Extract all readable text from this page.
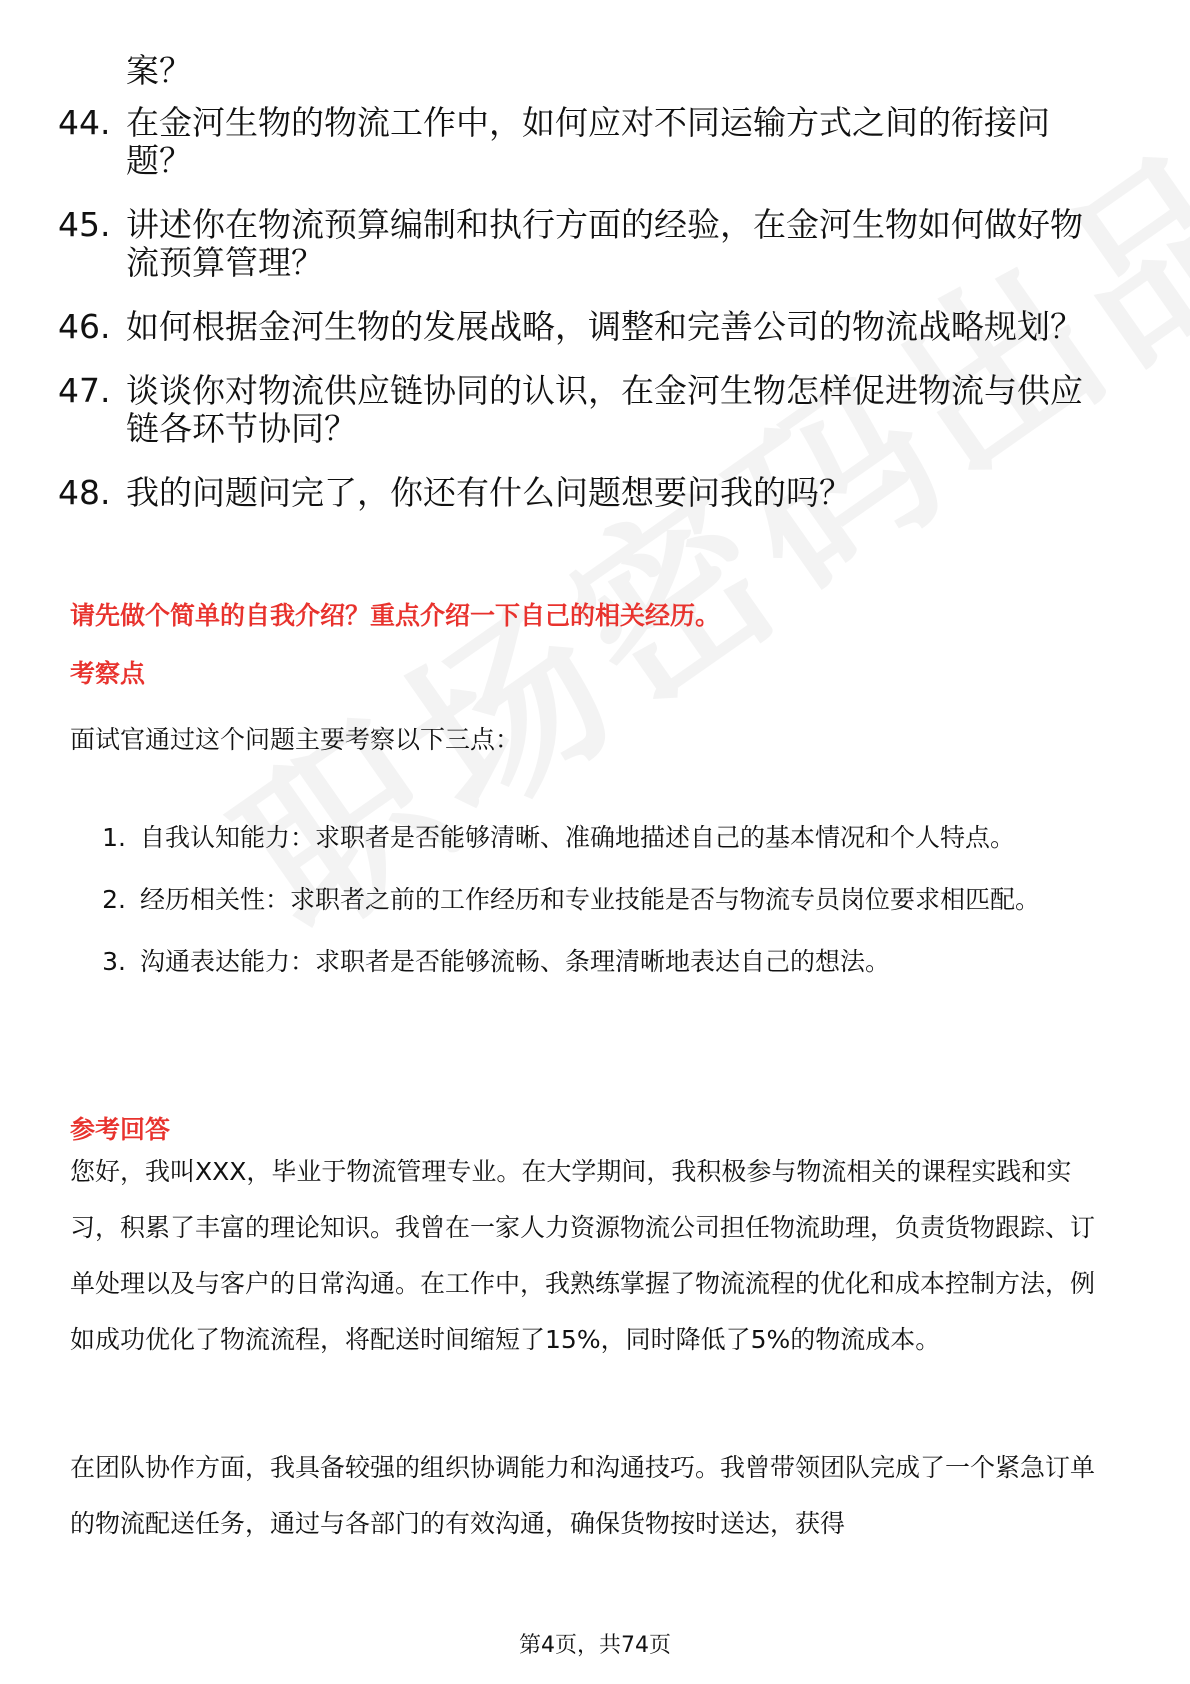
案？
44. 在金河生物的物流工作中，如何应对不同运输方式之间的衔接问题？
45. 讲述你在物流预算编制和执行方面的经验，在金河生物如何做好物流预算管理？
46. 如何根据金河生物的发展战略，调整和完善公司的物流战略规划？
47. 谈谈你对物流供应链协同的认识，在金河生物怎样促进物流与供应链各环节协同？
48. 我的问题问完了，你还有什么问题想要问我的吗？
请先做个简单的自我介绍？重点介绍一下自己的相关经历。
考察点
面试官通过这个问题主要考察以下三点：
1. 自我认知能力：求职者是否能够清晰、准确地描述自己的基本情况和个人特点。
2. 经历相关性：求职者之前的工作经历和专业技能是否与物流专员岗位要求相匹配。
3. 沟通表达能力：求职者是否能够流畅、条理清晰地表达自己的想法。
参考回答
您好，我叫XXX，毕业于物流管理专业。在大学期间，我积极参与物流相关的课程实践和实习，积累了丰富的理论知识。我曾在一家人力资源物流公司担任物流助理，负责货物跟踪、订单处理以及与客户的日常沟通。在工作中，我熟练掌握了物流流程的优化和成本控制方法，例如成功优化了物流流程，将配送时间缩短了15%，同时降低了5%的物流成本。
在团队协作方面，我具备较强的组织协调能力和沟通技巧。我曾带领团队完成了一个紧急订单的物流配送任务，通过与各部门的有效沟通，确保货物按时送达，获得
第4页，共74页
